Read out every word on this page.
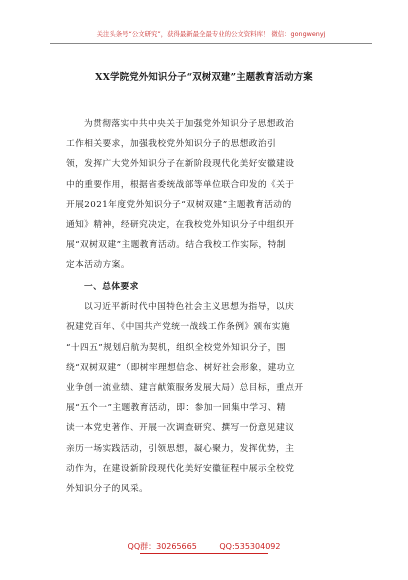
关注头条号“公文研究”，获得最新最全最专业的公文资料库！ 微信：gongwenyj
XX学院党外知识分子“双树双建”主题教育活动方案
为贯彻落实中共中央关于加强党外知识分子思想政治
工作相关要求，加强我校党外知识分子的思想政治引
领，发挥广大党外知识分子在新阶段现代化美好安徽建设
中的重要作用，根据省委统战部等单位联合印发的《关于
开展2021年度党外知识分子“双树双建”主题教育活动的
通知》精神，经研究决定，在我校党外知识分子中组织开
展“双树双建”主题教育活动。结合我校工作实际，特制
定本活动方案。
一、总体要求
以习近平新时代中国特色社会主义思想为指导，以庆
祝建党百年、《中国共产党统一战线工作条例》颁布实施
“十四五”规划启航为契机，组织全校党外知识分子，围
绕“双树双建”（即树牢理想信念、树好社会形象，建功立
业争创一流业绩、建言献策服务发展大局）总目标，重点开
展“五个一”主题教育活动，即：参加一回集中学习、精
读一本党史著作、开展一次调查研究、撰写一份意见建议
亲历一场实践活动，引领思想，凝心聚力，发挥优势，主
动作为，在建设新阶段现代化美好安徽征程中展示全校党
外知识分子的风采。
QQ群：30265665	QQ:535304092
